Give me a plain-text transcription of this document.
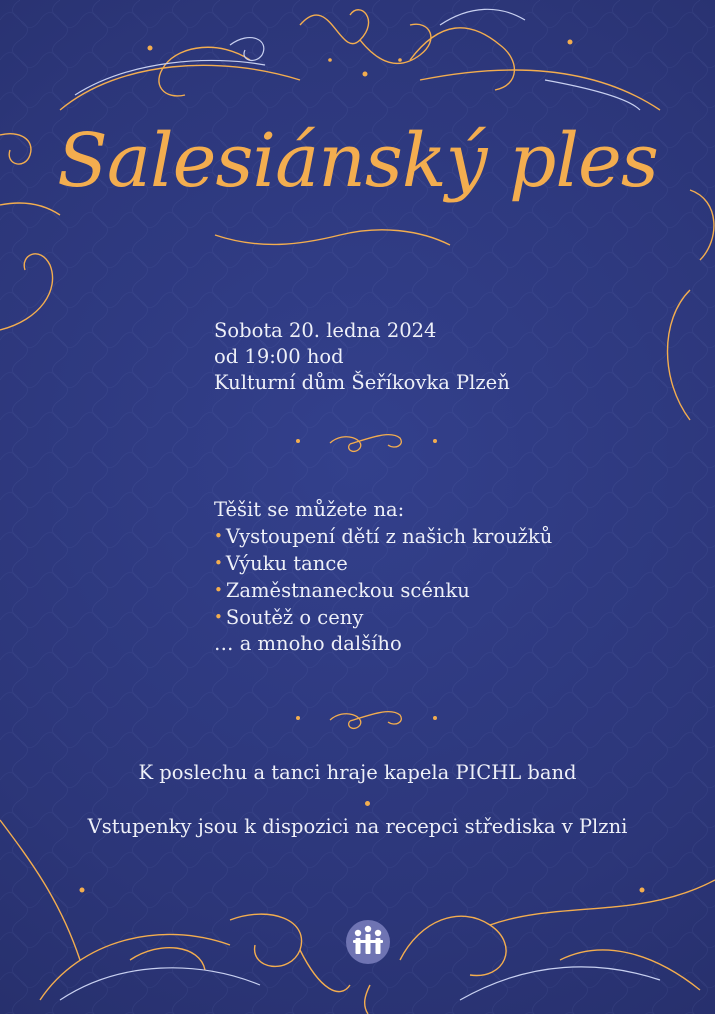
Salesiánský ples
Sobota 20. ledna 2024
od 19:00 hod
Kulturní dům Šeříkovka Plzeň
Těšit se můžete na:
• Vystoupení dětí z našich kroužků
• Výuku tance
• Zaměstnaneckou scénku
• Soutěž o ceny
… a mnoho dalšího
K poslechu a tanci hraje kapela PICHL band
Vstupenky jsou k dispozici na recepci střediska v Plzni
